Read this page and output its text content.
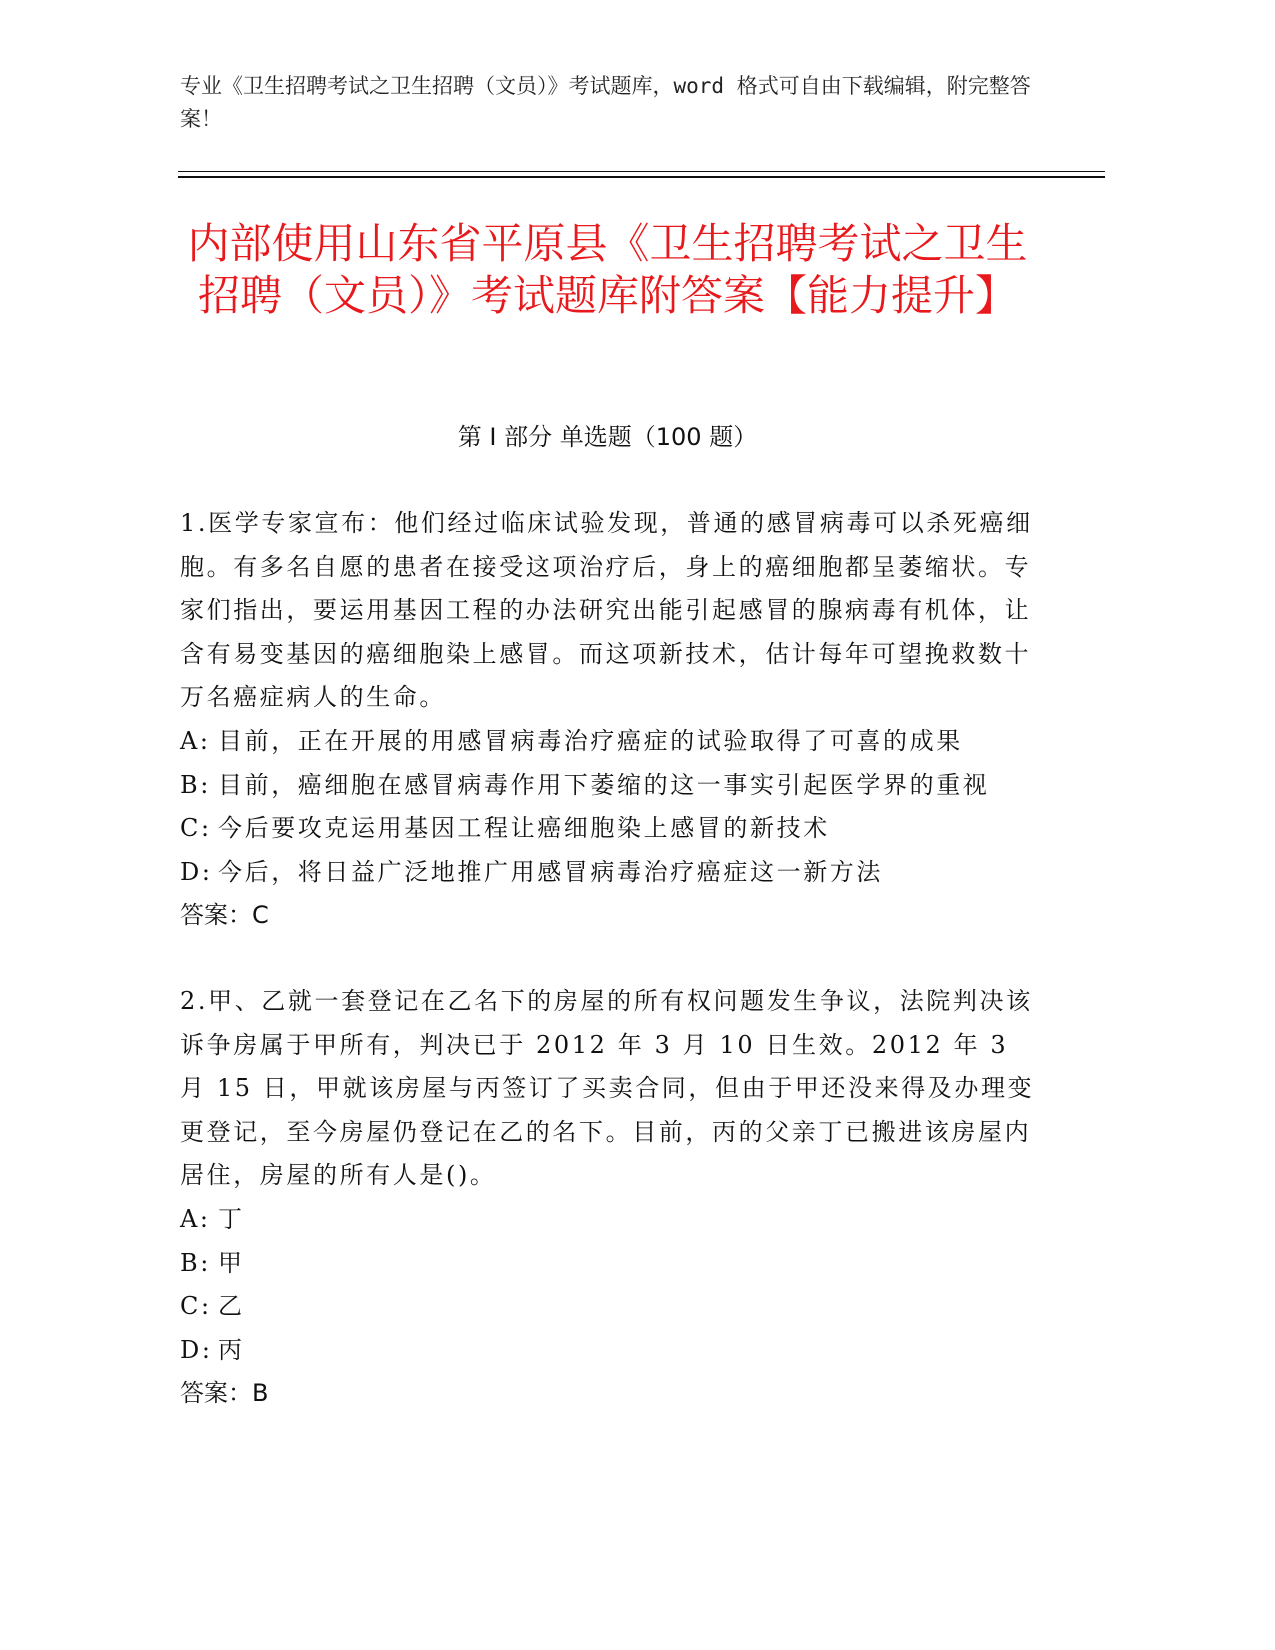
专业《卫生招聘考试之卫生招聘（文员）》考试题库，word 格式可自由下载编辑，附完整答案！
内部使用山东省平原县《卫生招聘考试之卫生招聘（文员）》考试题库附答案【能力提升】
第 I 部分 单选题（100 题）

1.医学专家宣布：他们经过临床试验发现，普通的感冒病毒可以杀死癌细胞。有多名自愿的患者在接受这项治疗后，身上的癌细胞都呈萎缩状。专家们指出，要运用基因工程的办法研究出能引起感冒的腺病毒有机体，让含有易变基因的癌细胞染上感冒。而这项新技术，估计每年可望挽救数十万名癌症病人的生命。

A: 目前，正在开展的用感冒病毒治疗癌症的试验取得了可喜的成果

B: 目前，癌细胞在感冒病毒作用下萎缩的这一事实引起医学界的重视

C: 今后要攻克运用基因工程让癌细胞染上感冒的新技术

D: 今后，将日益广泛地推广用感冒病毒治疗癌症这一新方法

答案：C

2.甲、乙就一套登记在乙名下的房屋的所有权问题发生争议，法院判决该诉争房属于甲所有，判决已于 2012 年 3 月 10 日生效。2012 年 3 月 15 日，甲就该房屋与丙签订了买卖合同，但由于甲还没来得及办理变更登记，至今房屋仍登记在乙的名下。目前，丙的父亲丁已搬进该房屋内居住，房屋的所有人是()。

A: 丁

B: 甲

C: 乙

D: 丙

答案：B
